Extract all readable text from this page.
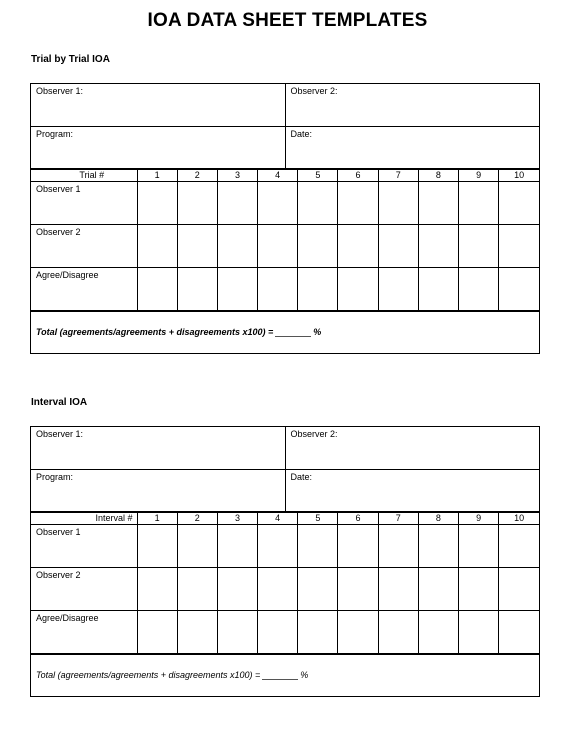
IOA DATA SHEET TEMPLATES
Trial by Trial IOA
Observer 1:	Observer 2:
Program:	Date:
Trial #	1	2	3	4	5	6	7	8	9	10
Observer 1										
Observer 2										
Agree/Disagree										
Total (agreements/agreements + disagreements x100) =	%
Interval IOA
Observer 1:	Observer 2:
Program:	Date:
Interval #	1	2	3	4	5	6	7	8	9	10
Observer 1										
Observer 2										
Agree/Disagree										
Total (agreements/agreements + disagreements x100) =	%
